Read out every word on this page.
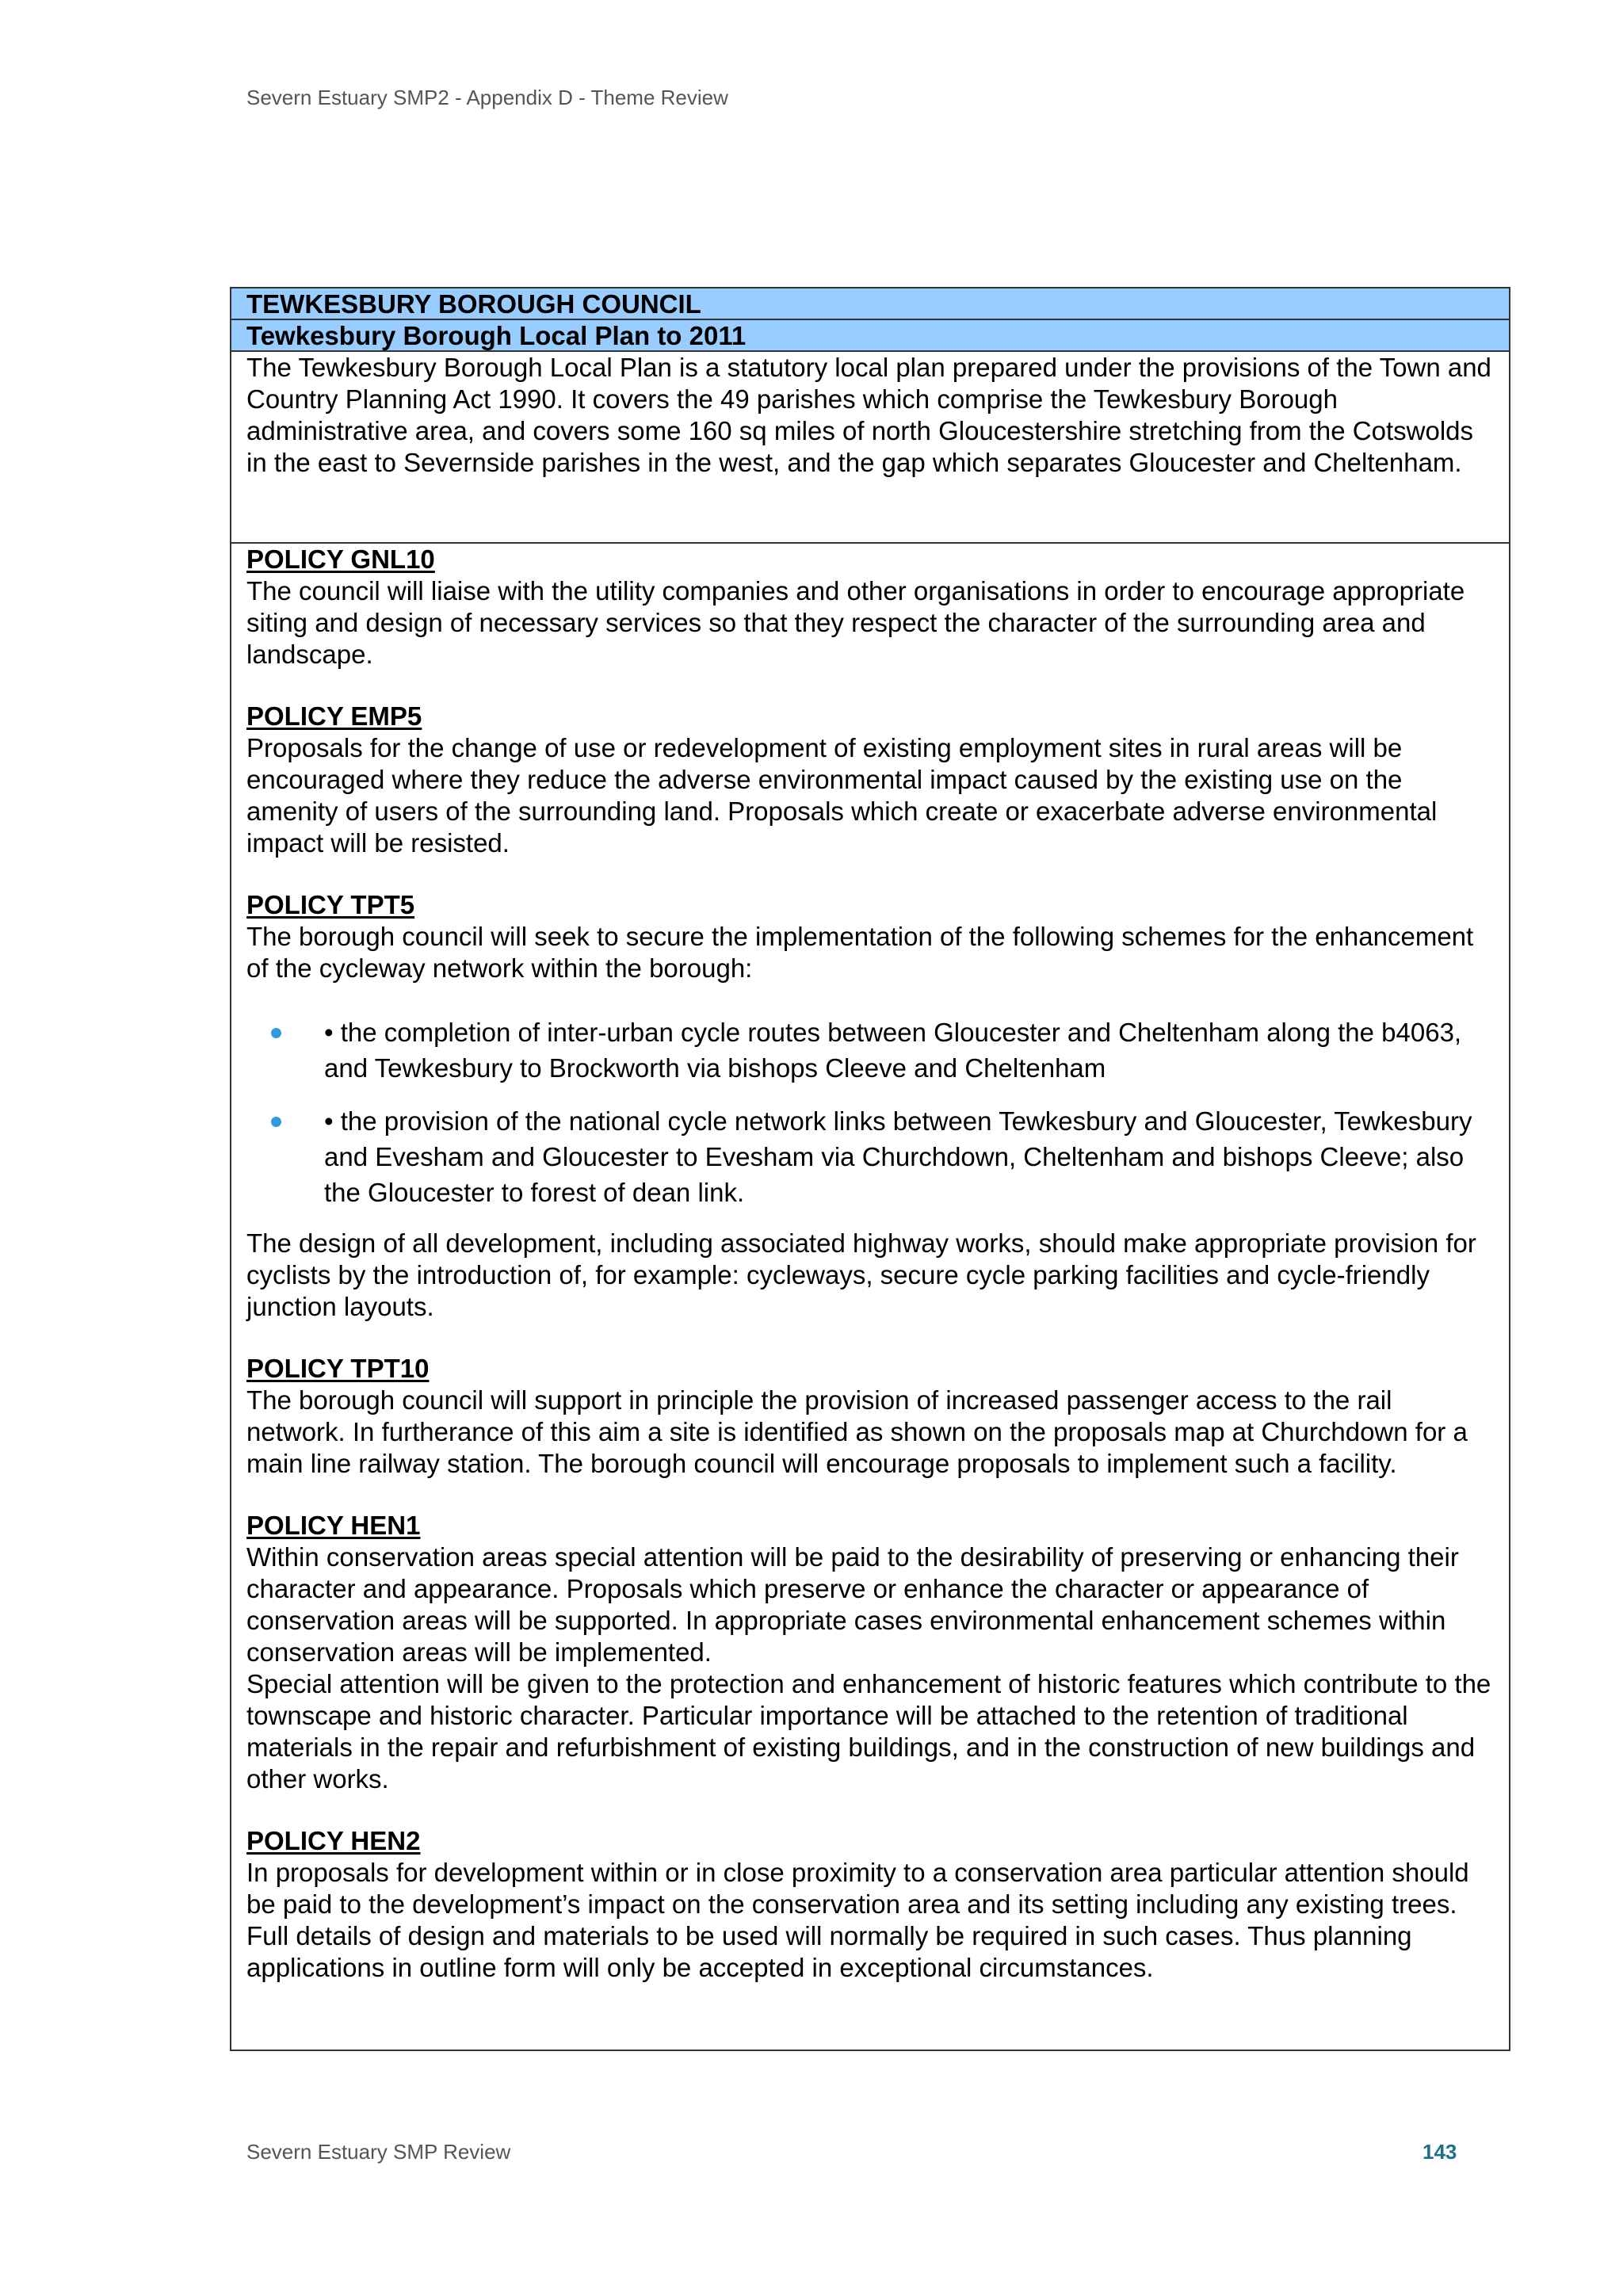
Severn Estuary SMP2 - Appendix D - Theme Review
TEWKESBURY BOROUGH COUNCIL
Tewkesbury Borough Local Plan to 2011
The Tewkesbury Borough Local Plan is a statutory local plan prepared under the provisions of the Town and Country Planning Act 1990. It covers the 49 parishes which comprise the Tewkesbury Borough administrative area, and covers some 160 sq miles of north Gloucestershire stretching from the Cotswolds in the east to Severnside parishes in the west, and the gap which separates Gloucester and Cheltenham.

POLICY GNL10

The council will liaise with the utility companies and other organisations in order to encourage appropriate siting and design of necessary services so that they respect the character of the surrounding area and landscape.

POLICY EMP5

Proposals for the change of use or redevelopment of existing employment sites in rural areas will be encouraged where they reduce the adverse environmental impact caused by the existing use on the amenity of users of the surrounding land. Proposals which create or exacerbate adverse environmental impact will be resisted.

POLICY TPT5

The borough council will seek to secure the implementation of the following schemes for the enhancement of the cycleway network within the borough:

• the completion of inter-urban cycle routes between Gloucester and Cheltenham along the b4063, and Tewkesbury to Brockworth via bishops Cleeve and Cheltenham
• the provision of the national cycle network links between Tewkesbury and Gloucester, Tewkesbury and Evesham and Gloucester to Evesham via Churchdown, Cheltenham and bishops Cleeve; also the Gloucester to forest of dean link.

The design of all development, including associated highway works, should make appropriate provision for cyclists by the introduction of, for example: cycleways, secure cycle parking facilities and cycle-friendly junction layouts.

POLICY TPT10

The borough council will support in principle the provision of increased passenger access to the rail network. In furtherance of this aim a site is identified as shown on the proposals map at Churchdown for a main line railway station. The borough council will encourage proposals to implement such a facility.

POLICY HEN1

Within conservation areas special attention will be paid to the desirability of preserving or enhancing their character and appearance. Proposals which preserve or enhance the character or appearance of conservation areas will be supported. In appropriate cases environmental enhancement schemes within conservation areas will be implemented.

Special attention will be given to the protection and enhancement of historic features which contribute to the townscape and historic character. Particular importance will be attached to the retention of traditional materials in the repair and refurbishment of existing buildings, and in the construction of new buildings and other works.

POLICY HEN2

In proposals for development within or in close proximity to a conservation area particular attention should be paid to the development’s impact on the conservation area and its setting including any existing trees. Full details of design and materials to be used will normally be required in such cases. Thus planning applications in outline form will only be accepted in exceptional circumstances.

Severn Estuary SMP Review	143
